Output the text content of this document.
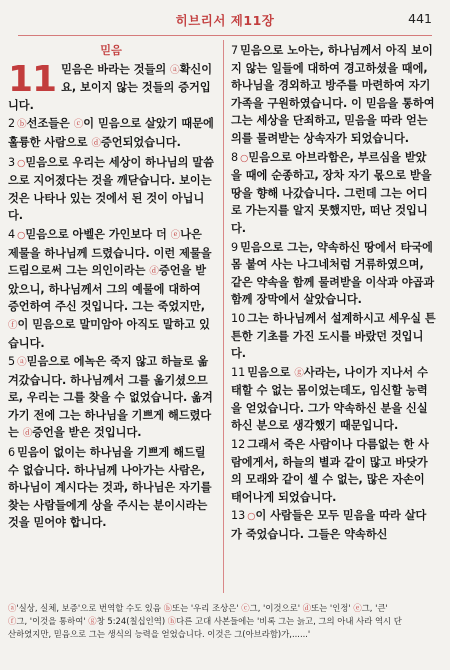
히브리서 제11장	441
믿음

11 믿음은 바라는 것들의 ⓐ확신이요, 보이지 않는 것들의 증거입니다.

2 ⓑ선조들은 ⓒ이 믿음으로 살았기 때문에 훌륭한 사람으로 ⓓ증언되었습니다.

3 ○믿음으로 우리는 세상이 하나님의 말씀으로 지어졌다는 것을 깨닫습니다. 보이는 것은 나타나 있는 것에서 된 것이 아닙니다.

4 ○믿음으로 아벨은 가인보다 더 ⓔ나은 제물을 하나님께 드렸습니다. 이런 제물을 드림으로써 그는 의인이라는 ⓓ증언을 받았으니, 하나님께서 그의 예물에 대하여 증언하여 주신 것입니다. 그는 죽었지만, ⓕ이 믿음으로 말미암아 아직도 말하고 있습니다.

5 ⓐ믿음으로 에녹은 죽지 않고 하늘로 옮겨갔습니다. 하나님께서 그를 옮기셨으므로, 우리는 그를 찾을 수 없었습니다. 옮겨가기 전에 그는 하나님을 기쁘게 해드렸다는 ⓓ증언을 받은 것입니다.

6 믿음이 없이는 하나님을 기쁘게 해드릴 수 없습니다. 하나님께 나아가는 사람은, 하나님이 계시다는 것과, 하나님은 자기를 찾는 사람들에게 상을 주시는 분이시라는 것을 믿어야 합니다.

7 믿음으로 노아는, 하나님께서 아직 보이지 않는 일들에 대하여 경고하셨을 때에, 하나님을 경외하고 방주를 마련하여 자기 가족을 구원하였습니다. 이 믿음을 통하여 그는 세상을 단죄하고, 믿음을 따라 얻는 의를 물려받는 상속자가 되었습니다.

8 ○믿음으로 아브라함은, 부르심을 받았을 때에 순종하고, 장차 자기 몫으로 받을 땅을 향해 나갔습니다. 그런데 그는 어디로 가는지를 알지 못했지만, 떠난 것입니다.

9 믿음으로 그는, 약속하신 땅에서 타국에 몸 붙여 사는 나그네처럼 거류하였으며, 같은 약속을 함께 물려받을 이삭과 야곱과 함께 장막에서 살았습니다.

10 그는 하나님께서 설계하시고 세우실 튼튼한 기초를 가진 도시를 바랐던 것입니다.

11 믿음으로 ⓖ사라는, 나이가 지나서 수태할 수 없는 몸이었는데도, 임신할 능력을 얻었습니다. 그가 약속하신 분을 신실하신 분으로 생각했기 때문입니다.

12 그래서 죽은 사람이나 다름없는 한 사람에게서, 하늘의 별과 같이 많고 바닷가의 모래와 같이 셀 수 없는, 많은 자손이 태어나게 되었습니다.

13 ○이 사람들은 모두 믿음을 따라 살다가 죽었습니다. 그들은 약속하신

ⓐ'실상, 실체, 보증'으로 번역할 수도 있음 ⓑ또는 '우리 조상은' ⓒ그, '이것으로' ⓓ또는 '인정' ⓔ그, '큰'

ⓕ그, '이것을 통하여' ⓖ창 5:24(칠십인역) ⓗ다른 고대 사본들에는 '비록 그는 늙고, 그의 아내 사라 역시 단

산하였지만, 믿음으로 그는 생식의 능력을 얻었습니다. 이것은 그(아브라함)가,......'
